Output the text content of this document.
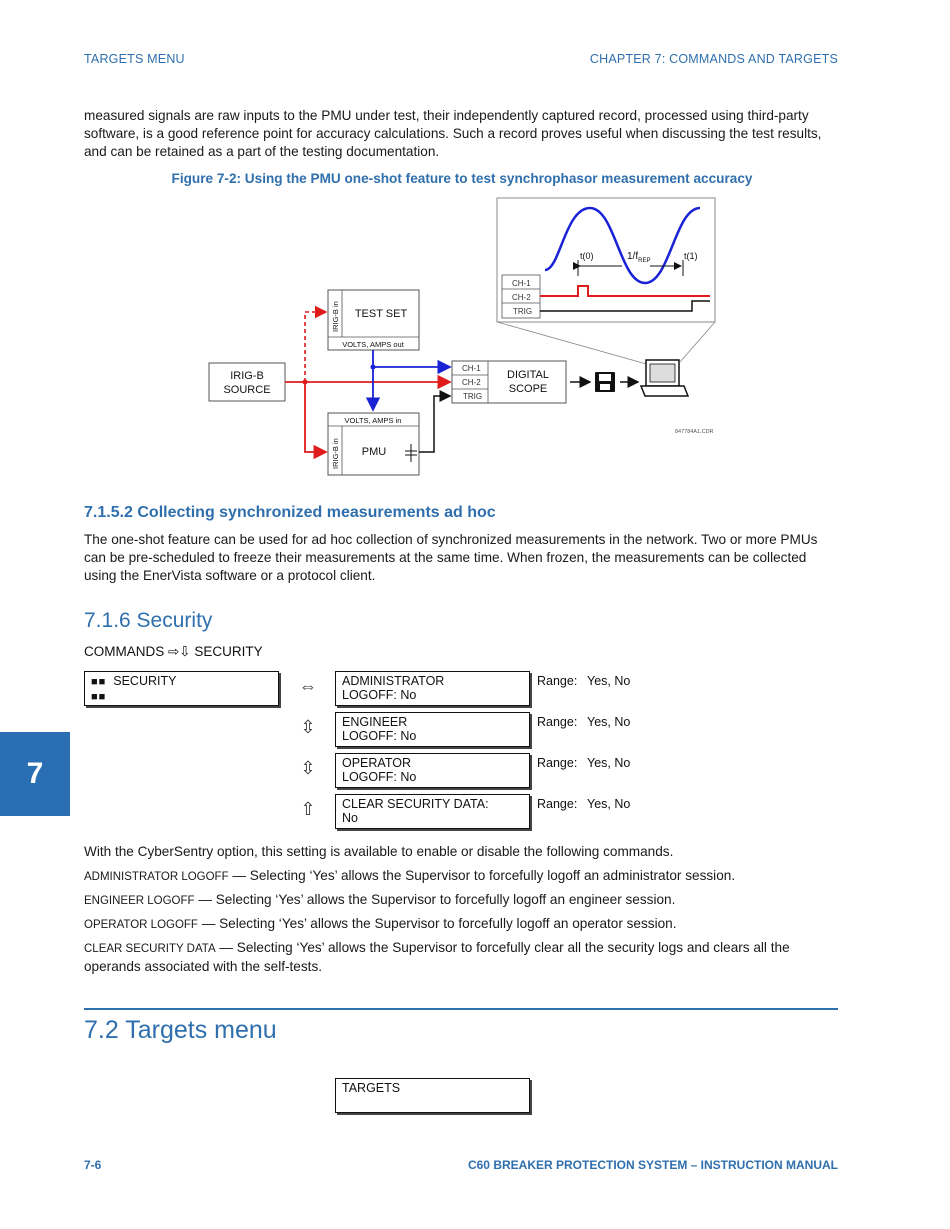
TARGETS MENU	CHAPTER 7: COMMANDS AND TARGETS
measured signals are raw inputs to the PMU under test, their independently captured record, processed using third-party software, is a good reference point for accuracy calculations. Such a record proves useful when discussing the test results, and can be retained as a part of the testing documentation.
Figure 7-2: Using the PMU one-shot feature to test synchrophasor measurement accuracy
t(0)	t(1)
$1/f_{REP}$
CH-1
CH-2
TRIG
IRIG-B
SOURCE
TEST SET
IRIG-B in
VOLTS, AMPS out
VOLTS, AMPS in
IRIG-B in PMU
CH-1
CH-2
TRIG
DIGITAL
SCOPE
847784A1.CDR
7.1.5.2 Collecting synchronized measurements ad hoc
The one-shot feature can be used for ad hoc collection of synchronized measurements in the network. Two or more PMUs can be pre-scheduled to freeze their measurements at the same time. When frozen, the measurements can be collected using the EnerVista software or a protocol client.
7.1.6 Security
COMMANDS ⇨⇩ SECURITY
■■ SECURITY
■■
⇔	ADMINISTRATOR
LOGOFF: No
Range: Yes, No
⇳	ENGINEER
LOGOFF: No
Range: Yes, No
⇳	OPERATOR
LOGOFF: No
Range: Yes, No
⇧	CLEAR SECURITY DATA:
No
Range: Yes, No
7
With the CyberSentry option, this setting is available to enable or disable the following commands.
ADMINISTRATOR LOGOFF — Selecting ‘Yes’ allows the Supervisor to forcefully logoff an administrator session.
ENGINEER LOGOFF — Selecting ‘Yes’ allows the Supervisor to forcefully logoff an engineer session.
OPERATOR LOGOFF — Selecting ‘Yes’ allows the Supervisor to forcefully logoff an operator session.
CLEAR SECURITY DATA — Selecting ‘Yes’ allows the Supervisor to forcefully clear all the security logs and clears all the operands associated with the self-tests.
7.2 Targets menu
TARGETS
7-6	C60 BREAKER PROTECTION SYSTEM – INSTRUCTION MANUAL
